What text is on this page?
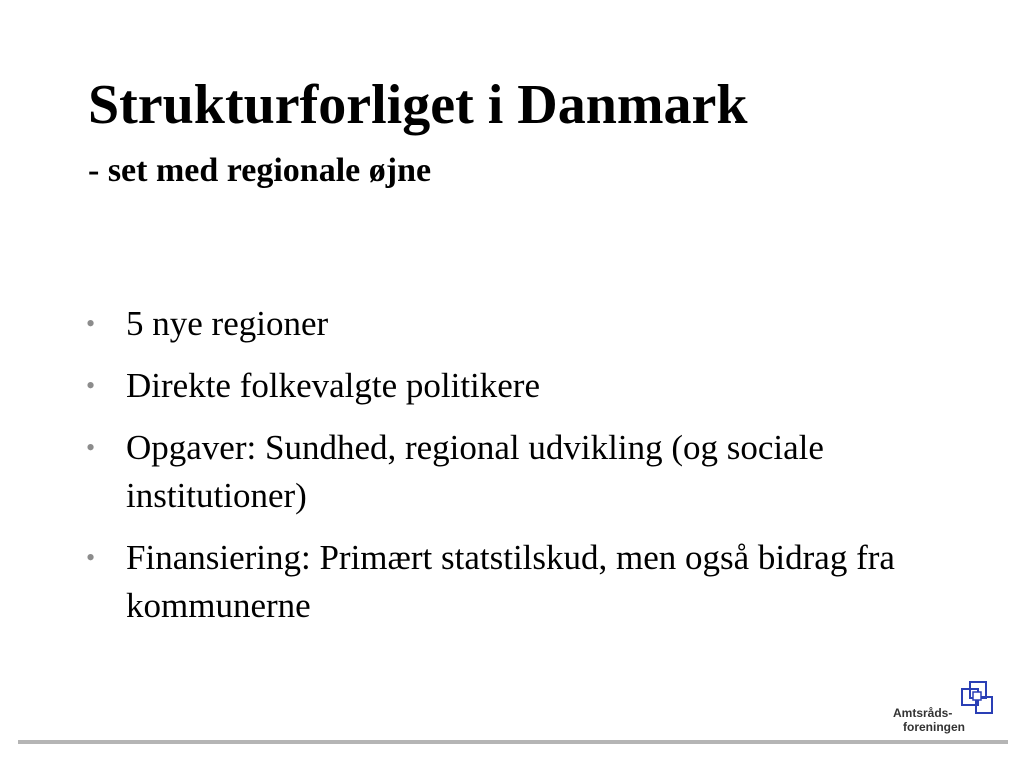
Strukturforliget i Danmark
- set med regionale øjne
• 5 nye regioner
• Direkte folkevalgte politikere
• Opgaver: Sundhed, regional udvikling (og sociale institutioner)
• Finansiering: Primært statstilskud, men også bidrag fra kommunerne
Amtsråds-
foreningen
